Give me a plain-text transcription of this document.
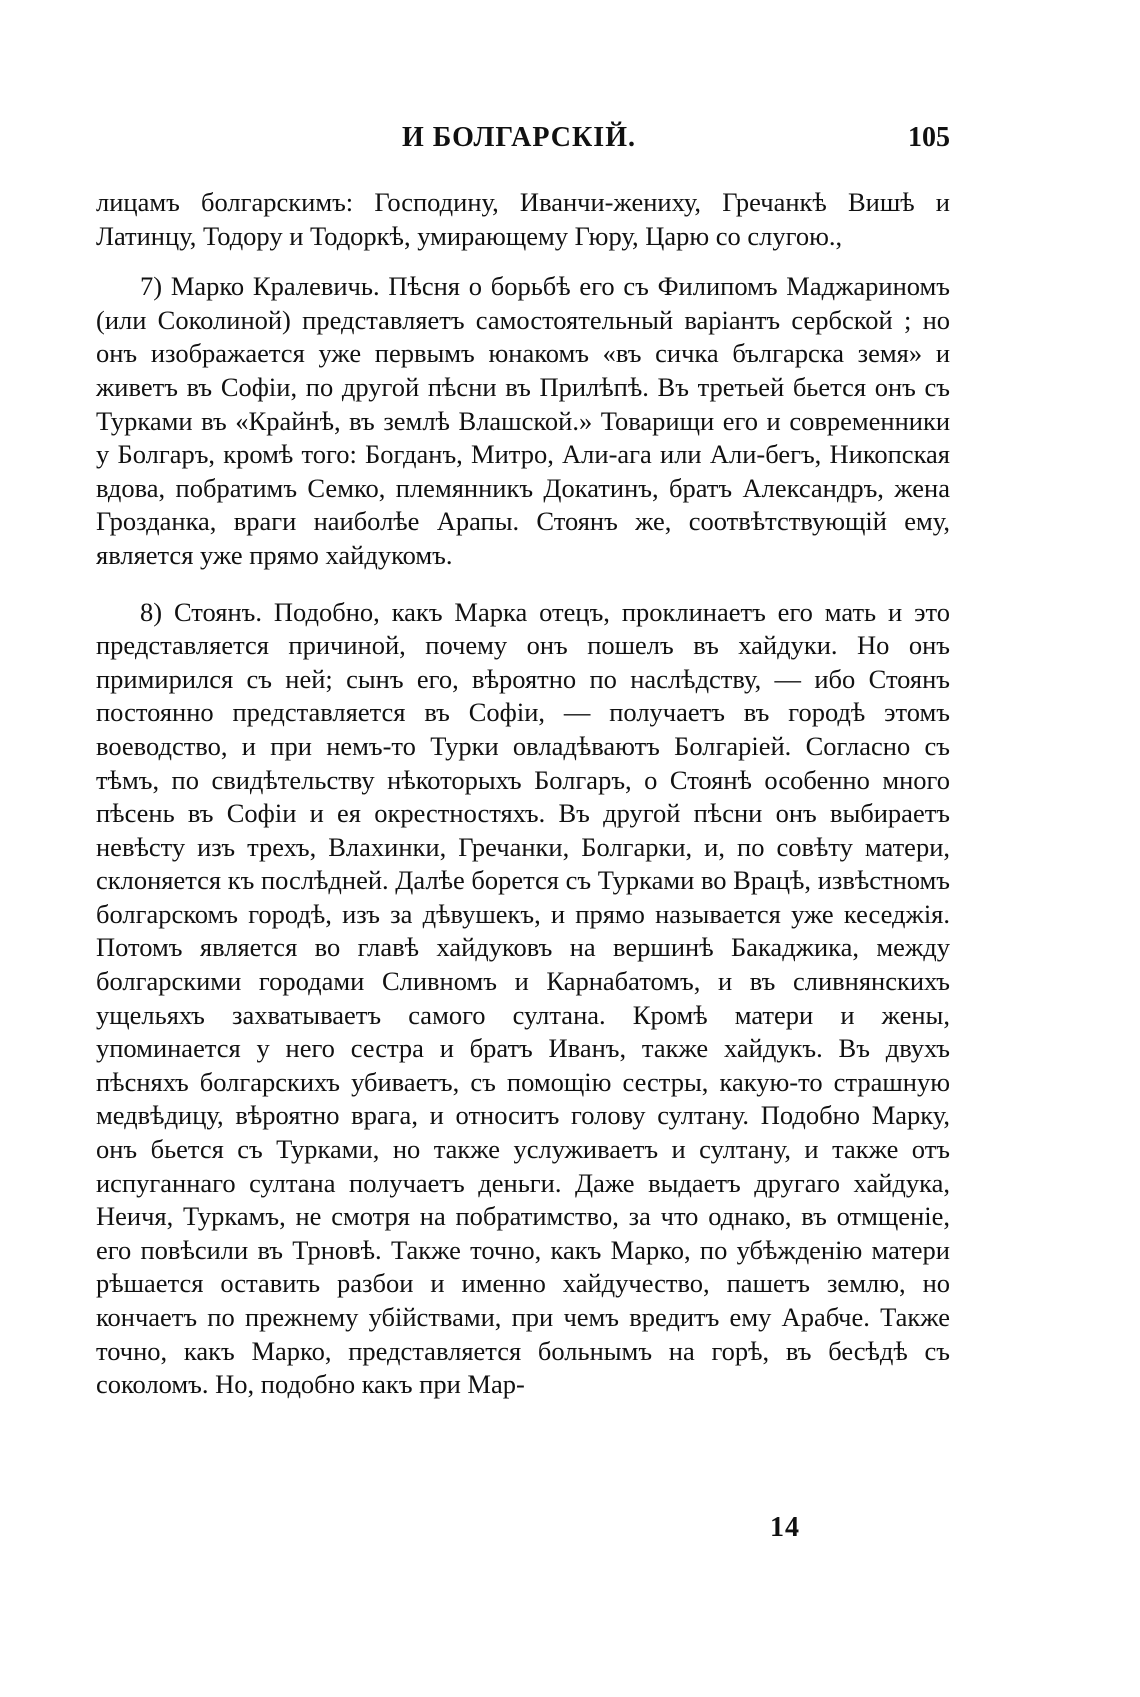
И БОЛГАРСКІЙ.	105

лицамъ болгарскимъ: Господину, Иванчи-жениху, Гречанкѣ Вишѣ и Латинцу, Тодору и Тодоркѣ, умирающему Гюру, Царю со слугою.,

7) Марко Кралевичь. Пѣсня о борьбѣ его съ Филипомъ Маджариномъ (или Соколиной) представляетъ самостоятельный варіантъ сербской ; но онъ изображается уже первымъ юнакомъ «въ сичка българска земя» и живетъ въ Софіи, по другой пѣсни въ Прилѣпѣ. Въ третьей бьется онъ съ Турками въ «Крайнѣ, въ землѣ Влашской.» Товарищи его и современники у Болгаръ, кромѣ того: Богданъ, Митро, Али-ага или Али-бегъ, Никопская вдова, побратимъ Семко, племянникъ Докатинъ, братъ Александръ, жена Грозданка, враги наиболѣе Арапы. Стоянъ же, соотвѣтствующій ему, является уже прямо хайдукомъ.

8) Стоянъ. Подобно, какъ Марка отецъ, проклинаетъ его мать и это представляется причиной, почему онъ пошелъ въ хайдуки. Но онъ примирился съ ней; сынъ его, вѣроятно по наслѣдству, — ибо Стоянъ постоянно представляется въ Софіи, — получаетъ въ городѣ этомъ воеводство, и при немъ-то Турки овладѣваютъ Болгаріей. Согласно съ тѣмъ, по свидѣтельству нѣкоторыхъ Болгаръ, о Стоянѣ особенно много пѣсень въ Софіи и ея окрестностяхъ. Въ другой пѣсни онъ выбираетъ невѣсту изъ трехъ, Влахинки, Гречанки, Болгарки, и, по совѣту матери, склоняется къ послѣдней. Далѣе борется съ Турками во Врацѣ, извѣстномъ болгарскомъ городѣ, изъ за дѣвушекъ, и прямо называется уже кеседжія. Потомъ является во главѣ хайдуковъ на вершинѣ Бакаджика, между болгарскими городами Сливномъ и Карнабатомъ, и въ сливнянскихъ ущельяхъ захватываетъ самого султана. Кромѣ матери и жены, упоминается у него сестра и братъ Иванъ, также хайдукъ. Въ двухъ пѣсняхъ болгарскихъ убиваетъ, съ помощію сестры, какую-то страшную медвѣдицу, вѣроятно врага, и относитъ голову султану. Подобно Марку, онъ бьется съ Турками, но также услуживаетъ и султану, и также отъ испуганнаго султана получаетъ деньги. Даже выдаетъ другаго хайдука, Неичя, Туркамъ, не смотря на побратимство, за что однако, въ отмщеніе, его повѣсили въ Трновѣ. Также точно, какъ Марко, по убѣжденію матери рѣшается оставить разбои и именно хайдучество, пашетъ землю, но кончаетъ по прежнему убійствами, при чемъ вредитъ ему Арабче. Также точно, какъ Марко, представляется больнымъ на горѣ, въ бесѣдѣ съ соколомъ. Но, подобно какъ при Мар-

14
